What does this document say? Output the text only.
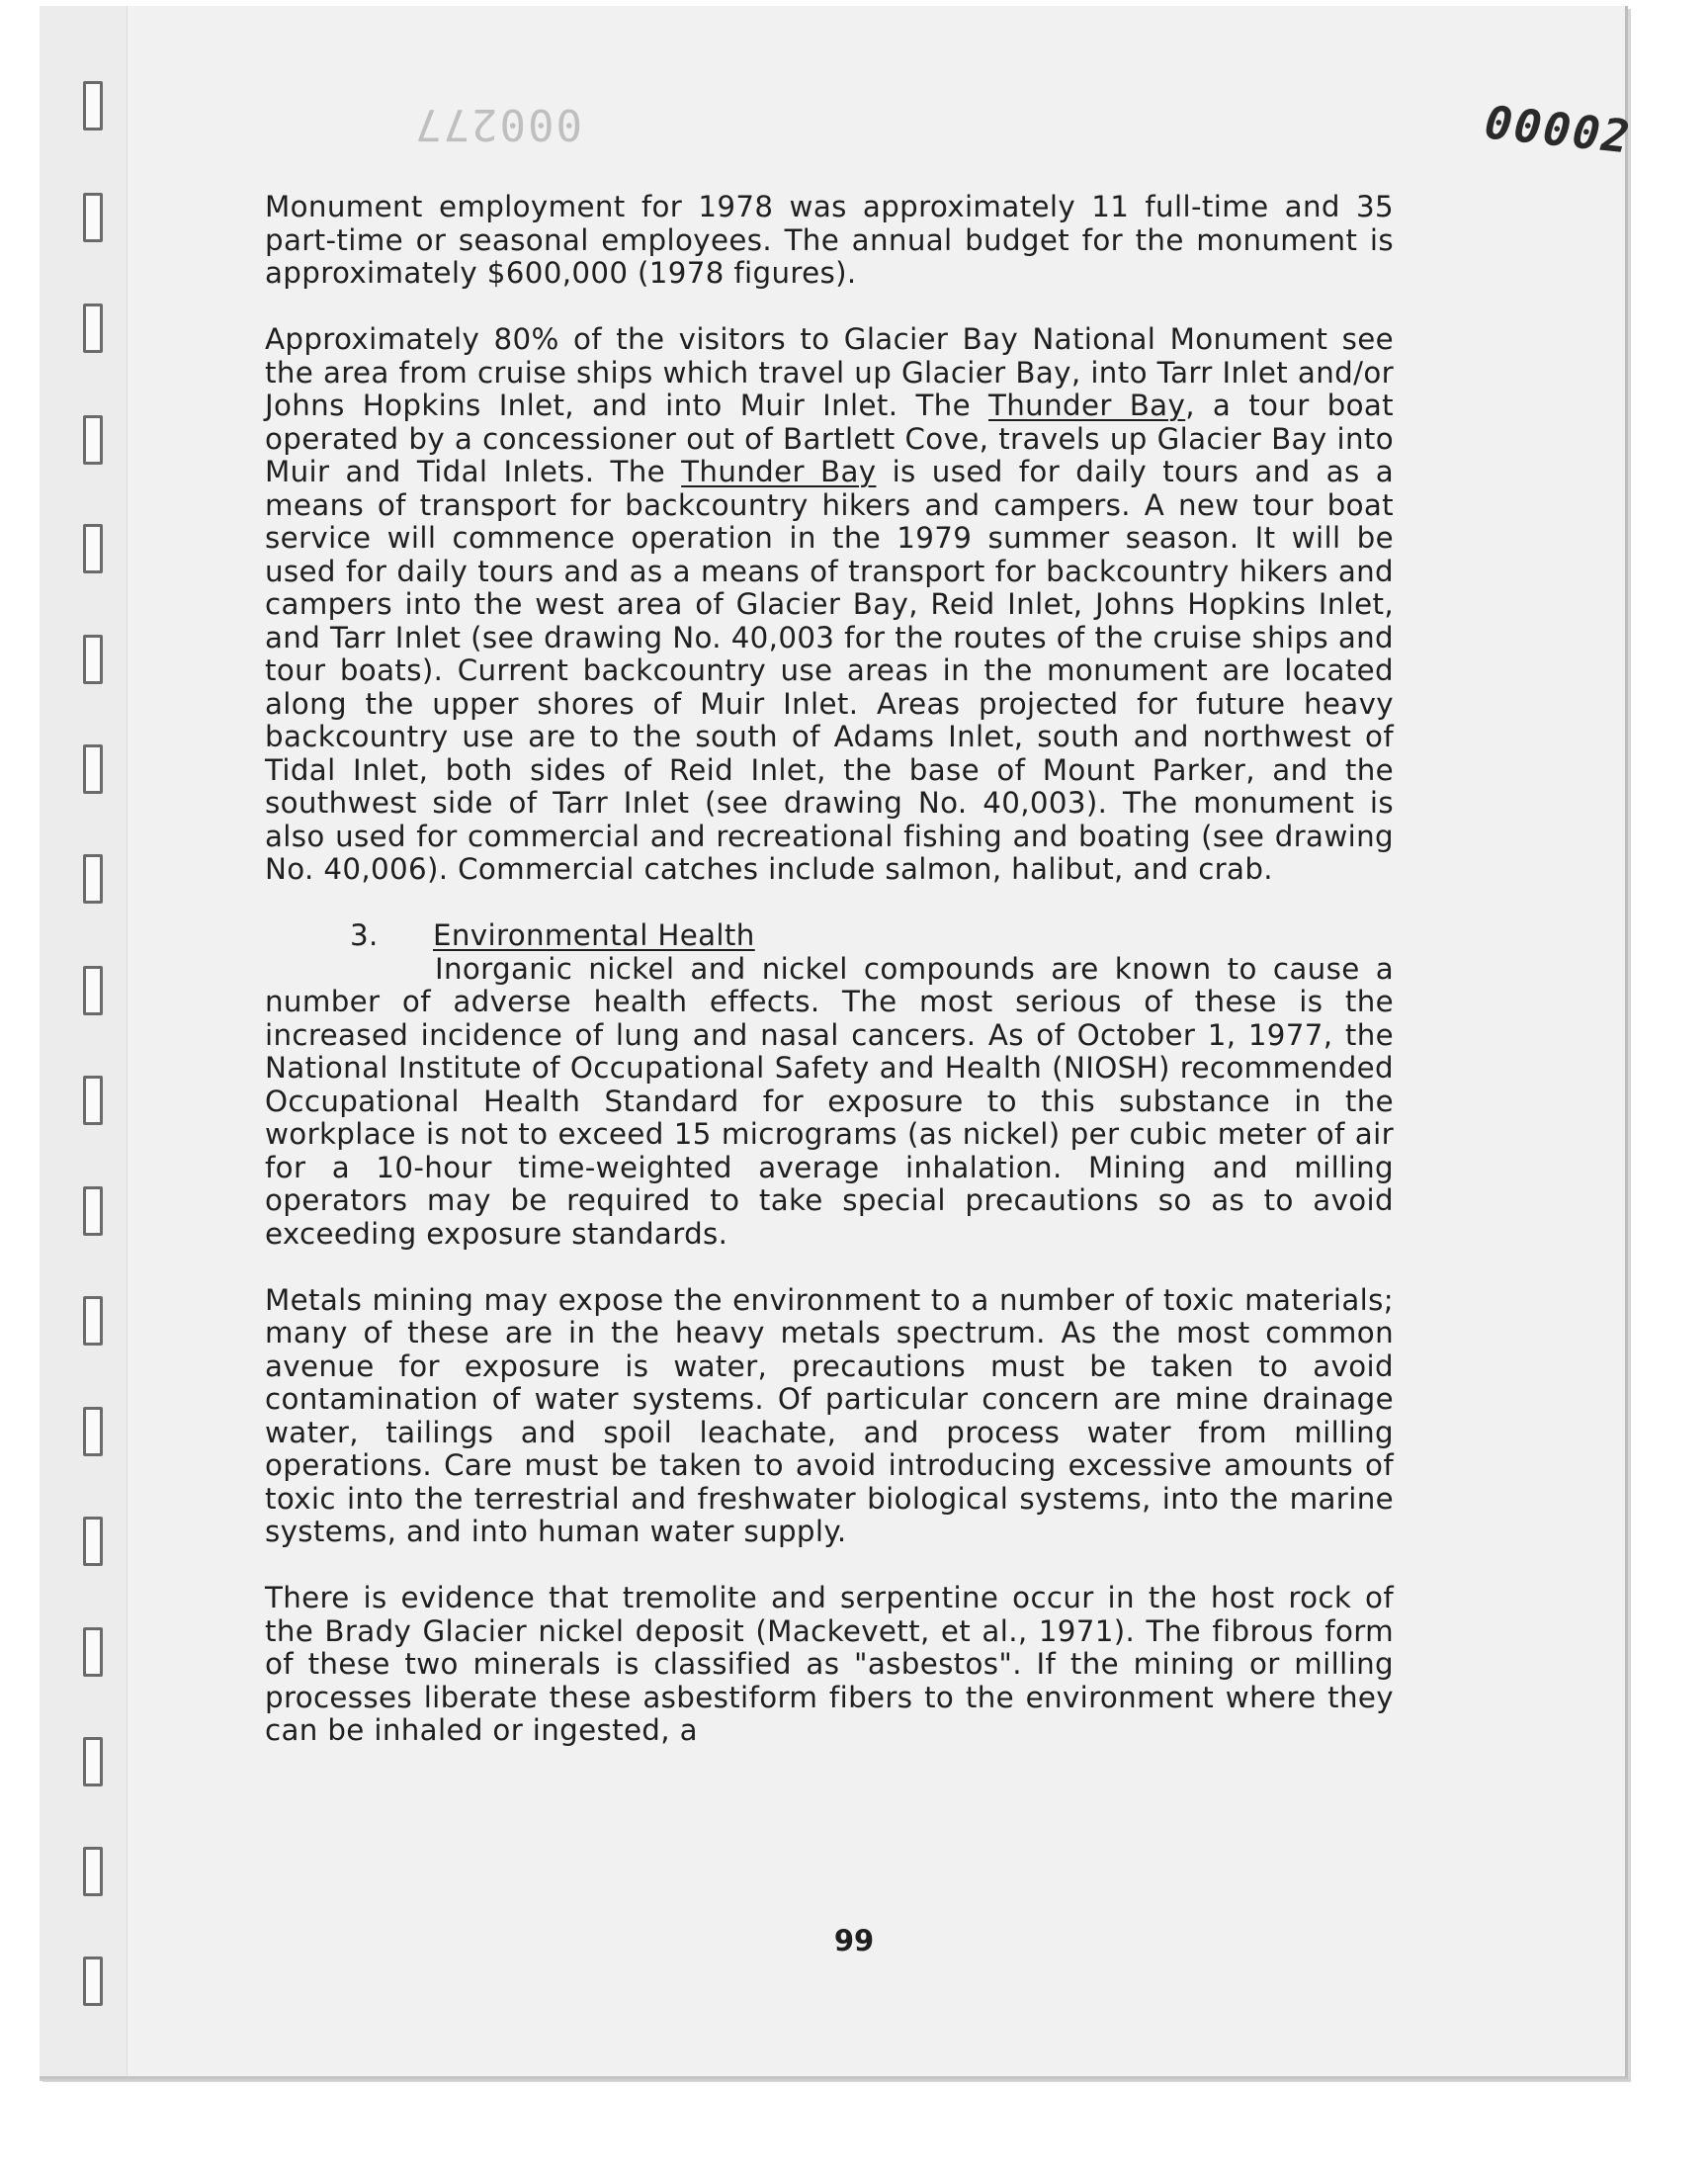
000277	00002

Monument employment for 1978 was approximately 11 full-time and 35 part-time or seasonal employees. The annual budget for the monument is approximately $600,000 (1978 figures).

Approximately 80% of the visitors to Glacier Bay National Monument see the area from cruise ships which travel up Glacier Bay, into Tarr Inlet and/or Johns Hopkins Inlet, and into Muir Inlet. The Thunder Bay, a tour boat operated by a concessioner out of Bartlett Cove, travels up Glacier Bay into Muir and Tidal Inlets. The Thunder Bay is used for daily tours and as a means of transport for backcountry hikers and campers. A new tour boat service will commence operation in the 1979 summer season. It will be used for daily tours and as a means of transport for backcountry hikers and campers into the west area of Glacier Bay, Reid Inlet, Johns Hopkins Inlet, and Tarr Inlet (see drawing No. 40,003 for the routes of the cruise ships and tour boats). Current backcountry use areas in the monument are located along the upper shores of Muir Inlet. Areas projected for future heavy backcountry use are to the south of Adams Inlet, south and northwest of Tidal Inlet, both sides of Reid Inlet, the base of Mount Parker, and the southwest side of Tarr Inlet (see drawing No. 40,003). The monument is also used for commercial and recreational fishing and boating (see drawing No. 40,006). Commercial catches include salmon, halibut, and crab.

3. Environmental Health

Inorganic nickel and nickel compounds are known to cause a number of adverse health effects. The most serious of these is the increased incidence of lung and nasal cancers. As of October 1, 1977, the National Institute of Occupational Safety and Health (NIOSH) recommended Occupational Health Standard for exposure to this substance in the workplace is not to exceed 15 micrograms (as nickel) per cubic meter of air for a 10-hour time-weighted average inhalation. Mining and milling operators may be required to take special precautions so as to avoid exceeding exposure standards.

Metals mining may expose the environment to a number of toxic materials; many of these are in the heavy metals spectrum. As the most common avenue for exposure is water, precautions must be taken to avoid contamination of water systems. Of particular concern are mine drainage water, tailings and spoil leachate, and process water from milling operations. Care must be taken to avoid introducing excessive amounts of toxic into the terrestrial and freshwater biological systems, into the marine systems, and into human water supply.

There is evidence that tremolite and serpentine occur in the host rock of the Brady Glacier nickel deposit (Mackevett, et al., 1971). The fibrous form of these two minerals is classified as "asbestos". If the mining or milling processes liberate these asbestiform fibers to the environment where they can be inhaled or ingested, a

99
